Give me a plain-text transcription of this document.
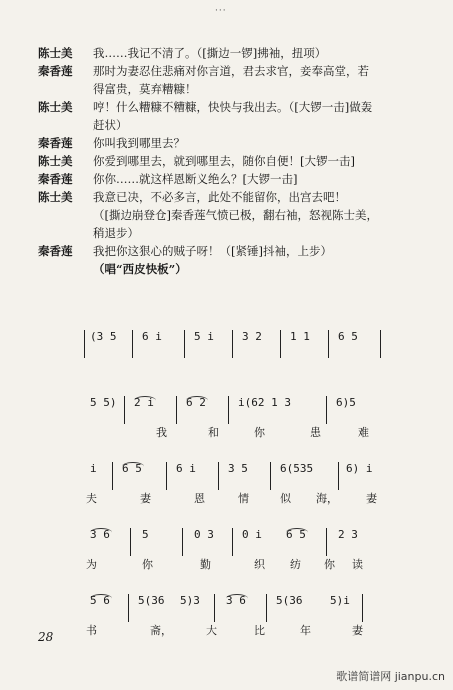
···
陈士美	我……我记不清了。（[撕边一锣]拂袖，扭项）
秦香莲	那时为妻忍住悲痛对你言道，君去求官，妾奉高堂，若
得富贵，莫弃糟糠！
陈士美	哼！什么糟糠不糟糠，快快与我出去。（[大锣一击]做轰
赶状）
秦香莲	你叫我到哪里去？
陈士美	你爱到哪里去，就到哪里去，随你自便！[大锣一击]
秦香莲	你你……就这样恩断义绝么？[大锣一击]
陈士美	我意已决，不必多言，此处不能留你，出宫去吧！
（[撕边崩登仓]秦香莲气愤已极，翻右袖，怒视陈士美，
稍退步）
秦香莲	我把你这狠心的贼子呀！（[紧锤]抖袖，上步）
（唱“西皮快板”）
(3 5 6 i	5 i	3 2	1 1	6 5
5 5) 2 i	6 2	i(62 1 3	6)5
我	和	你	患	难
i 6 5	6 i	3 5	6(535	6) i
夫	妻	恩	情	似 海，	妻
3 6	5	0 3	0 i 6 5	2 3
为	你	勤	织 纺 你 读
5 6	5(36 5)3 3 6	5(36	5)i
书	斋，	大	比	年	妻
28
歌谱简谱网 jianpu.cn
